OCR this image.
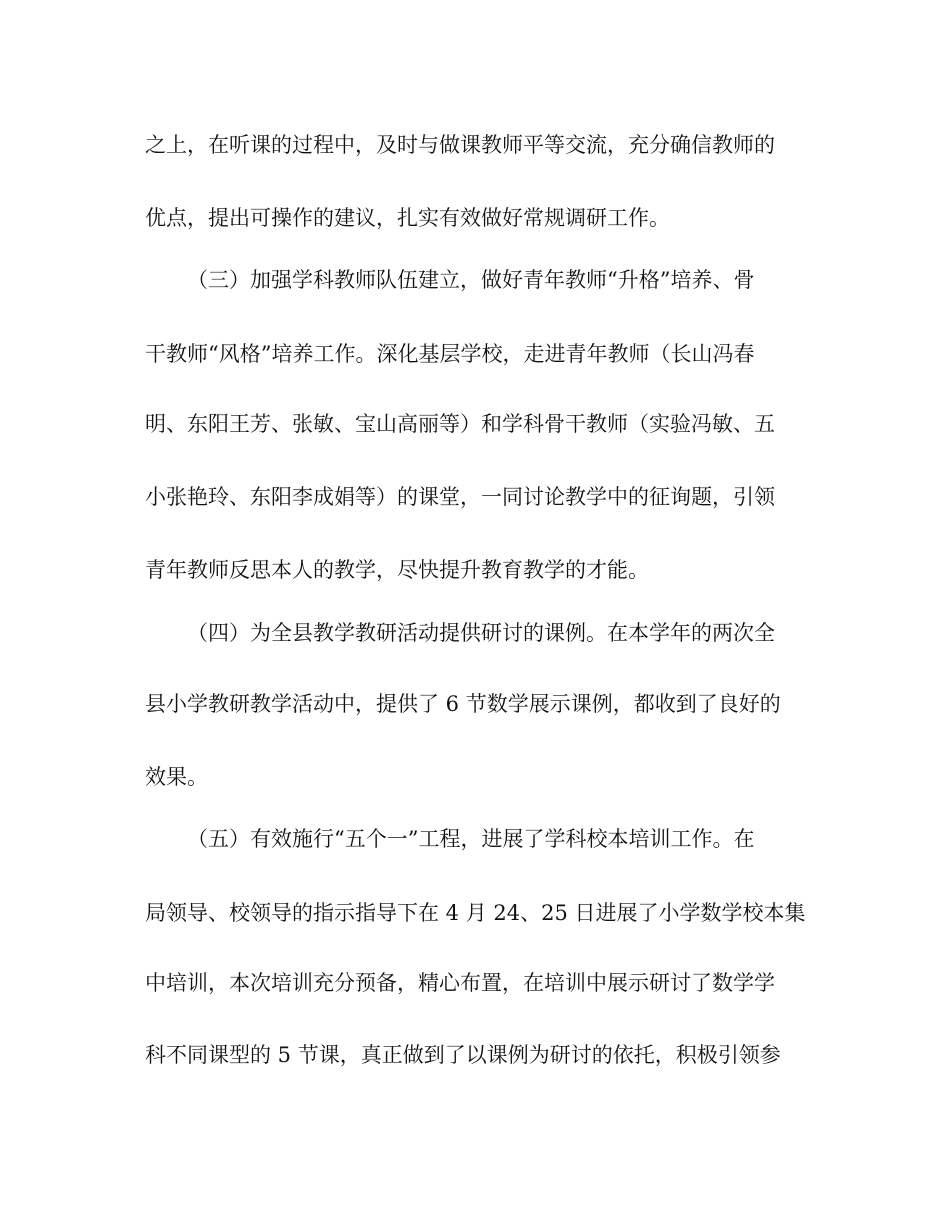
之上，在听课的过程中，及时与做课教师平等交流，充分确信教师的

优点，提出可操作的建议，扎实有效做好常规调研工作。

（三）加强学科教师队伍建立，做好青年教师“升格”培养、骨

干教师“风格”培养工作。深化基层学校，走进青年教师（长山冯春

明、东阳王芳、张敏、宝山高丽等）和学科骨干教师（实验冯敏、五

小张艳玲、东阳李成娟等）的课堂，一同讨论教学中的征询题，引领

青年教师反思本人的教学，尽快提升教育教学的才能。

（四）为全县教学教研活动提供研讨的课例。在本学年的两次全

县小学教研教学活动中，提供了 6 节数学展示课例，都收到了良好的

效果。

（五）有效施行“五个一”工程，进展了学科校本培训工作。在

局领导、校领导的指示指导下在 4 月 24、25 日进展了小学数学校本集

中培训，本次培训充分预备，精心布置，在培训中展示研讨了数学学

科不同课型的 5 节课，真正做到了以课例为研讨的依托，积极引领参
